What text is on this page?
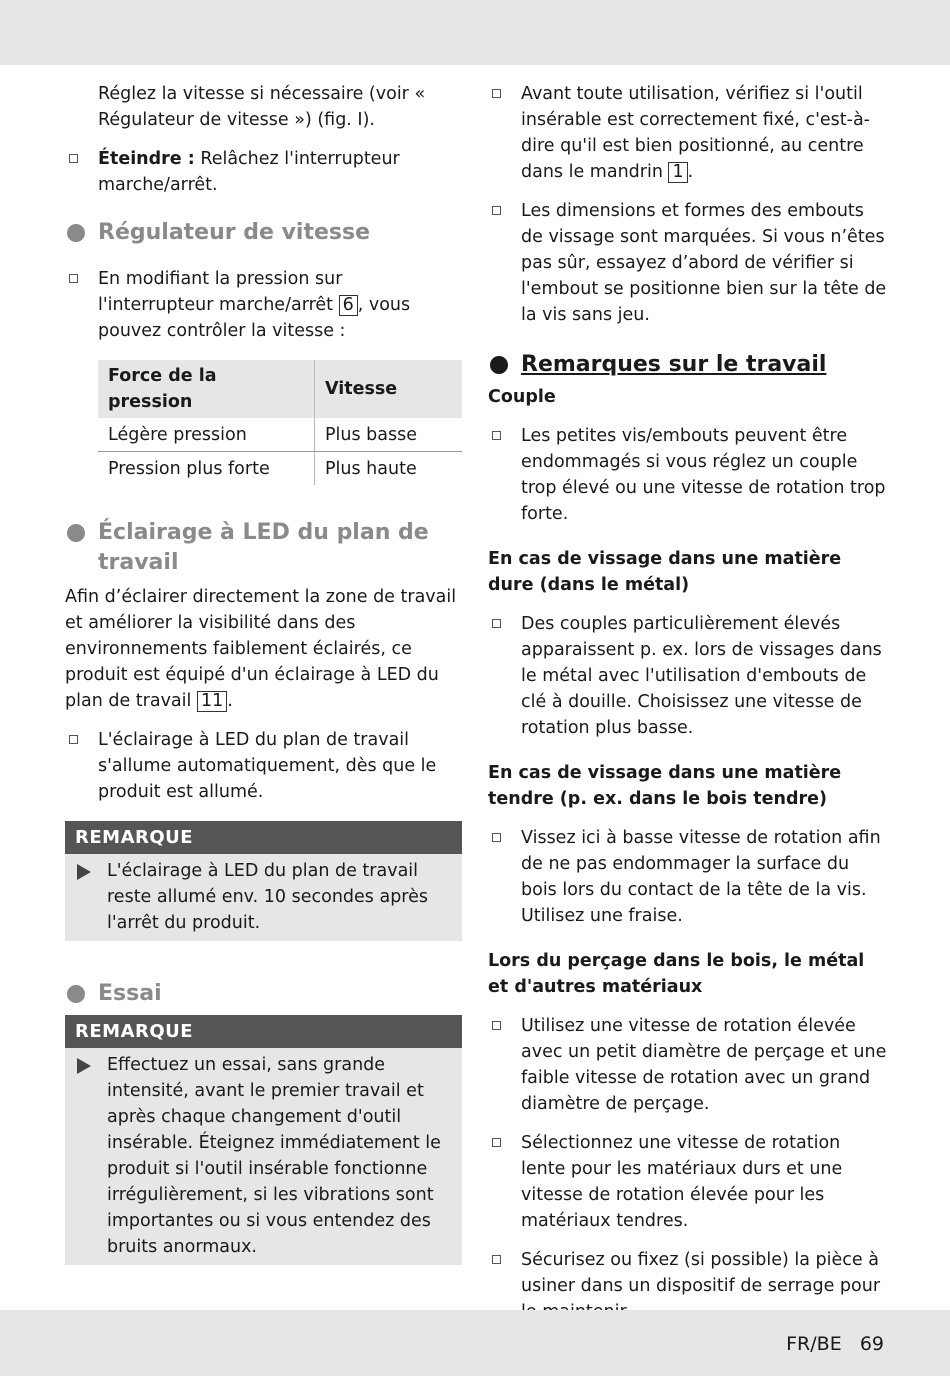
Réglez la vitesse si nécessaire (voir « Régulateur de vitesse ») (fig. I).

Éteindre : Relâchez l'interrupteur marche/arrêt.
Régulateur de vitesse
En modifiant la pression sur l'interrupteur marche/arrêt 6 , vous pouvez contrôler la vitesse :
Force de la pression	Vitesse
Légère pression	Plus basse
Pression plus forte	Plus haute
Éclairage à LED du plan de travail

Afin d’éclairer directement la zone de travail et améliorer la visibilité dans des environnements faiblement éclairés, ce produit est équipé d'un éclairage à LED du plan de travail 11 .

L'éclairage à LED du plan de travail s'allume automatiquement, dès que le produit est allumé.
REMARQUE
L'éclairage à LED du plan de travail reste allumé env. 10 secondes après l'arrêt du produit.
Essai
REMARQUE
Effectuez un essai, sans grande intensité, avant le premier travail et après chaque changement d'outil insérable. Éteignez immédiatement le produit si l'outil insérable fonctionne irrégulièrement, si les vibrations sont importantes ou si vous entendez des bruits anormaux.
Avant toute utilisation, vérifiez si l'outil insérable est correctement fixé, c'est-à-dire qu'il est bien positionné, au centre dans le mandrin 1 .
Les dimensions et formes des embouts de vissage sont marquées. Si vous n’êtes pas sûr, essayez d’abord de vérifier si l'embout se positionne bien sur la tête de la vis sans jeu.
Remarques sur le travail

Couple

Les petites vis/embouts peuvent être endommagés si vous réglez un couple trop élevé ou une vitesse de rotation trop forte.

En cas de vissage dans une matière dure (dans le métal)

Des couples particulièrement élevés apparaissent p. ex. lors de vissages dans le métal avec l'utilisation d'embouts de clé à douille. Choisissez une vitesse de rotation plus basse.

En cas de vissage dans une matière tendre (p. ex. dans le bois tendre)

Vissez ici à basse vitesse de rotation afin de ne pas endommager la surface du bois lors du contact de la tête de la vis. Utilisez une fraise.

Lors du perçage dans le bois, le métal et d'autres matériaux

Utilisez une vitesse de rotation élevée avec un petit diamètre de perçage et une faible vitesse de rotation avec un grand diamètre de perçage.
Sélectionnez une vitesse de rotation lente pour les matériaux durs et une vitesse de rotation élevée pour les matériaux tendres.
Sécurisez ou fixez (si possible) la pièce à usiner dans un dispositif de serrage pour
FR/BE   69
